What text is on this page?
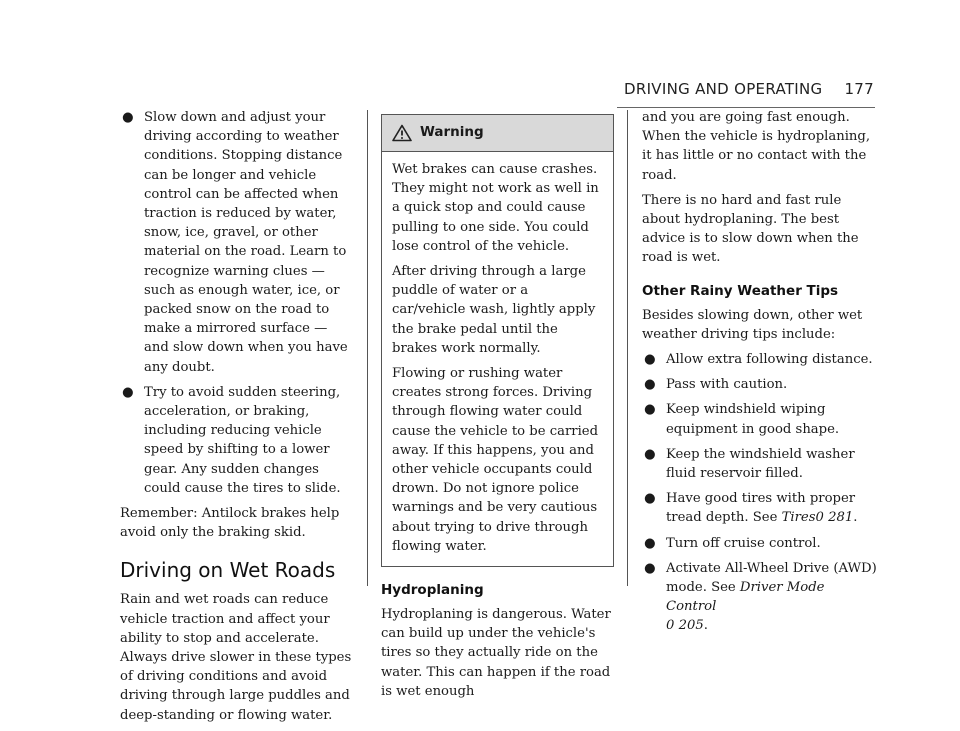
DRIVING AND OPERATING 177
● Slow down and adjust your driving according to weather conditions. Stopping distance can be longer and vehicle control can be affected when traction is reduced by water, snow, ice, gravel, or other material on the road. Learn to recognize warning clues — such as enough water, ice, or packed snow on the road to make a mirrored surface — and slow down when you have any doubt.
● Try to avoid sudden steering, acceleration, or braking, including reducing vehicle speed by shifting to a lower gear. Any sudden changes could cause the tires to slide.

Remember: Antilock brakes help avoid only the braking skid.

Driving on Wet Roads

Rain and wet roads can reduce vehicle traction and affect your ability to stop and accelerate. Always drive slower in these types of driving conditions and avoid driving through large puddles and deep-standing or flowing water.

Warning

Wet brakes can cause crashes. They might not work as well in a quick stop and could cause pulling to one side. You could lose control of the vehicle.

After driving through a large puddle of water or a car/vehicle wash, lightly apply the brake pedal until the brakes work normally.

Flowing or rushing water creates strong forces. Driving through flowing water could cause the vehicle to be carried away. If this happens, you and other vehicle occupants could drown. Do not ignore police warnings and be very cautious about trying to drive through flowing water.

Hydroplaning

Hydroplaning is dangerous. Water can build up under the vehicle's tires so they actually ride on the water. This can happen if the road is wet enough

and you are going fast enough. When the vehicle is hydroplaning, it has little or no contact with the road.

There is no hard and fast rule about hydroplaning. The best advice is to slow down when the road is wet.

Other Rainy Weather Tips

Besides slowing down, other wet weather driving tips include:

● Allow extra following distance.
● Pass with caution.
● Keep windshield wiping equipment in good shape.
● Keep the windshield washer fluid reservoir filled.
● Have good tires with proper tread depth. See Tires0 281.
● Turn off cruise control.
● Activate All-Wheel Drive (AWD) mode. See Driver Mode Control
0 205.
